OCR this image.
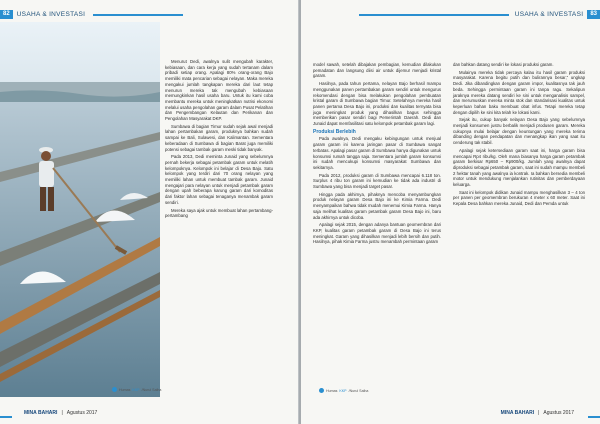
82	USAHA & INVESTASI
Humas KKP /Nurul Salha

Menurut Dedi, awalnya sulit mengubah karakter, kebiasaan, dan cara kerja yang sudah tertanam dalam pribadi setiap orang. Apalagi 80% orang-orang Bajo memiliki mata pencarian sebagai nelayan. Maka mereka mengakui jumlah tangkapan mereka dari laut tetap menurun mereka tak mengubah kebiasaan memungkinkan hasil usaha baru. Untuk itu kami coba membantu mereka untuk meningkatkan nutrisi ekonomi melalui usaha pengolahan garam dalam Pusat Pelatihan dan Pengembangan Kelautan dan Perikanan dan Pengolahan Masyarakat DKP.

Sumbawa di bagian Timur sudah sejak awal menjadi lahan pertambakan garam, produknya bahkan sudah sampai ke Bali, Sulawesi, dan Kalimantan. Sementara keberadaan di Sumbawa di bagian Barat juga memiliki potensi sebagai tambak garam meski tidak banyak.

Pada 2013, Dedi meminta Junaid yang sebelumnya pernah bekerja sebagai petambak garam untuk melatih kelompoknya. Kelompok ini belajar di Desa Bajo. Satu kelompok yang terdiri dari 70 orang nelayan yang memiliki lahan untuk membuat tambak garam. Junaid mengajari para nelayan untuk menjadi petambak garam dengan upah beberapa karung garam dari komoditas dari faktor lahan sebagai tenaganya menambak garam sendiri.

Mereka saya ajak untuk membuat lahan pertambang-pertambang

MINA BAHARI | Agustus 2017
USAHA & INVESTASI	83

model sawah, setelah dibajakan pembagian, kemudian dilakukan pemadatan dan langsung diisi air untuk dijemur menjadi kristal garam.

Hasilnya, pada tahun pertama, nelayan Bajo berhasil mampu menggunakan panen pertambakan garam sendiri untuk mengurus rekomendasi dengan bisa melakukan pengolahan pembuatan kristal garam di Sumbawa bagian Timur. Setelahnya mereka hasil panen pertama Desa Bajo ini, produksi dan kualitas ternyata bisa juga meningkat produk yang dihasilkan bagus sehingga memberikan pasar sendiri bagi Pemerintah Daerah. Dedi dan Junaid dapat memfasilitasi satu kelompok petambak garam lagi.

Produksi Berlebih

Pada awalnya, Dedi mengaku kebingungan untuk menjual garam garam ini karena jaringan pasar di Sumbawa sangat terbatas. Apalagi pasar garam di Sumbawa hanya digunakan untuk konsumsi rumah tangga saja. Sementara jumlah garam konsumsi ini sudah mencukupi konsumsi masyarakat Sumbawa dan sekitarnya.

Pada 2012, produksi garam di Sumbawa mencapai 6.118 ton. Surplus 4 ribu ton garam ini kemudian ke tidak ada industri di Sumbawa yang bisa menjadi target pasar.

Hingga pada akhirnya, pihaknya mencoba menyambungkan produk nelayan garam Desa Bajo ini ke Kimia Farma. Dedi menyampaikan bahwa tidak mudah menemui Kimia Farma. Hanya saja melihat kualitas garam petambak garam Desa Bajo ini, baru ada akhirnya untuk dicoba.

Apalagi sejak 2015, dengan adanya bantuan geomembran dari KKP, kualitas garam petambak garam di Desa Bajo ini terus meningkat. Garam yang dihasilkan menjadi lebih bersih dan putih. Hasilnya, pihak Kimia Farma justru menambah permintaan garam

dan bahkan datang sendiri ke lokasi produksi garam.

Mulainya mereka tidak percaya kalau itu hasil garam produksi masyarakat. Karena begitu putih dan bulirannya besar,” ungkap Dedi. Jika dibandingkan dengan garam impor, kualitasnya tak jauh beda. Sehingga permintaan garam ini tanpa ragu. Sekalipun jaraknya mereka datang sendiri ke sini untuk menganalisis sampel, dan merumuskan mereka minta stok dan standarisasi kualitas untuk keperluan bahan baku membuat obat infus. Tetapi mereka tetap dengan dipilih ke sini kita telah ke lokasi kami.

Sejak itu, cukup banyak nelayan Desa Bajo yang sebelumnya menjadi konsumen justru berbalik menjadi produsen garam. Mereka cukupnya mulai belajar dengan keuntungan yang mereka terima dibanding dengan pendapatan dan menangkap ikan yang saat itu cenderung tak stabil.

Apalagi sejak ketersediaan garam saat ini, harga garam bisa mencapai Rp4 ribu/kg. Oleh mana biasanya harga garam petambak garam berkisar Rp650 – Rp900/kg. Jumlah yang awalnya dapat diproduksi sebagai petambak garam, saat ini sudah mampu membeli 2 hektar tanah yang awalnya ia kontrak. Ia bahkan bersedia membeli motor untuk mendukung menjalankan rutinitas dan pemberdayaan keluarga.

Saat ini kelompok didikan Junaid mampu menghasilkan 3 – 4 ton per panen per geomembran berukuran 4 meter x 60 meter. Saat ini Kepala Desa bahkan mereka Junaid, Dedi dan Pemda untuk

Humas KKP /Nurul Salha
MINA BAHARI | Agustus 2017
